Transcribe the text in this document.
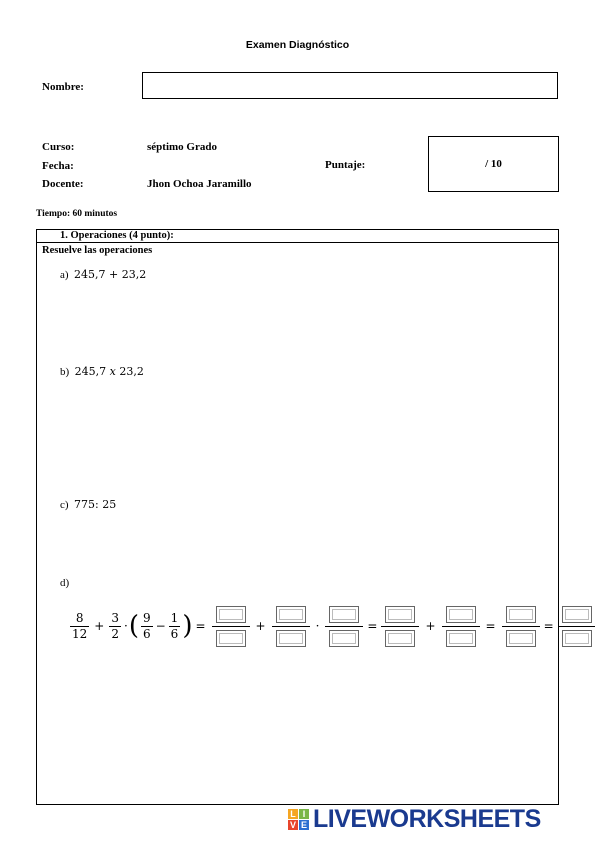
Examen Diagnóstico
Nombre:
Curso:	séptimo Grado
Fecha:	Puntaje:
Docente:	Jhon Ochoa Jaramillo
/ 10
Tiempo: 60 minutos
1. Operaciones (4 punto):
Resuelve las operaciones
a) 245,7 + 23,2
b) 245,7 x 23,2
c) 775: 25
d)
$\frac{8}{12} + \frac{3}{2}$ · ( $\frac{9}{6} - \frac{1}{6}$ ) =	+	·	=	+	=	=
L I
V E LIVEWORKSHEETS
